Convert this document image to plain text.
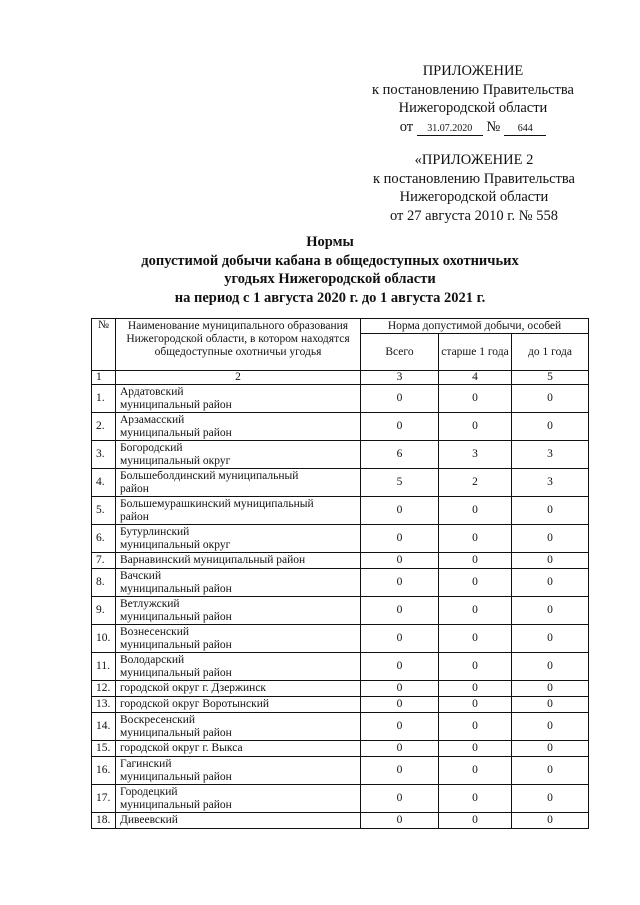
ПРИЛОЖЕНИЕ
к постановлению Правительства
Нижегородской области
от 31.07.2020 № 644
«ПРИЛОЖЕНИЕ 2
к постановлению Правительства
Нижегородской области
от 27 августа 2010 г. № 558
Нормы
допустимой добычи кабана в общедоступных охотничьих
угодьях Нижегородской области
на период с 1 августа 2020 г. до 1 августа 2021 г.
№	Наименование муниципального образования Нижегородской области, в котором находятся общедоступные охотничьи угодья	Норма допустимой добычи, особей		
		Всего	старше 1 года	до 1 года
1	2	3	4	5
1.	Ардатовский
муниципальный район	0	0	0
2.	Арзамасский
муниципальный район	0	0	0
3.	Богородский
муниципальный округ	6	3	3
4.	Большеболдинский муниципальный
район	5	2	3
5.	Большемурашкинский муниципальный
район	0	0	0
6.	Бутурлинский
муниципальный округ	0	0	0
7.	Варнавинский муниципальный район	0	0	0
8.	Вачский
муниципальный район	0	0	0
9.	Ветлужский
муниципальный район	0	0	0
10.	Вознесенский
муниципальный район	0	0	0
11.	Володарский
муниципальный район	0	0	0
12.	городской округ г. Дзержинск	0	0	0
13.	городской округ Воротынский	0	0	0
14.	Воскресенский
муниципальный район	0	0	0
15.	городской округ г. Выкса	0	0	0
16.	Гагинский
муниципальный район	0	0	0
17.	Городецкий
муниципальный район	0	0	0
18.	Дивеевский	0	0	0
